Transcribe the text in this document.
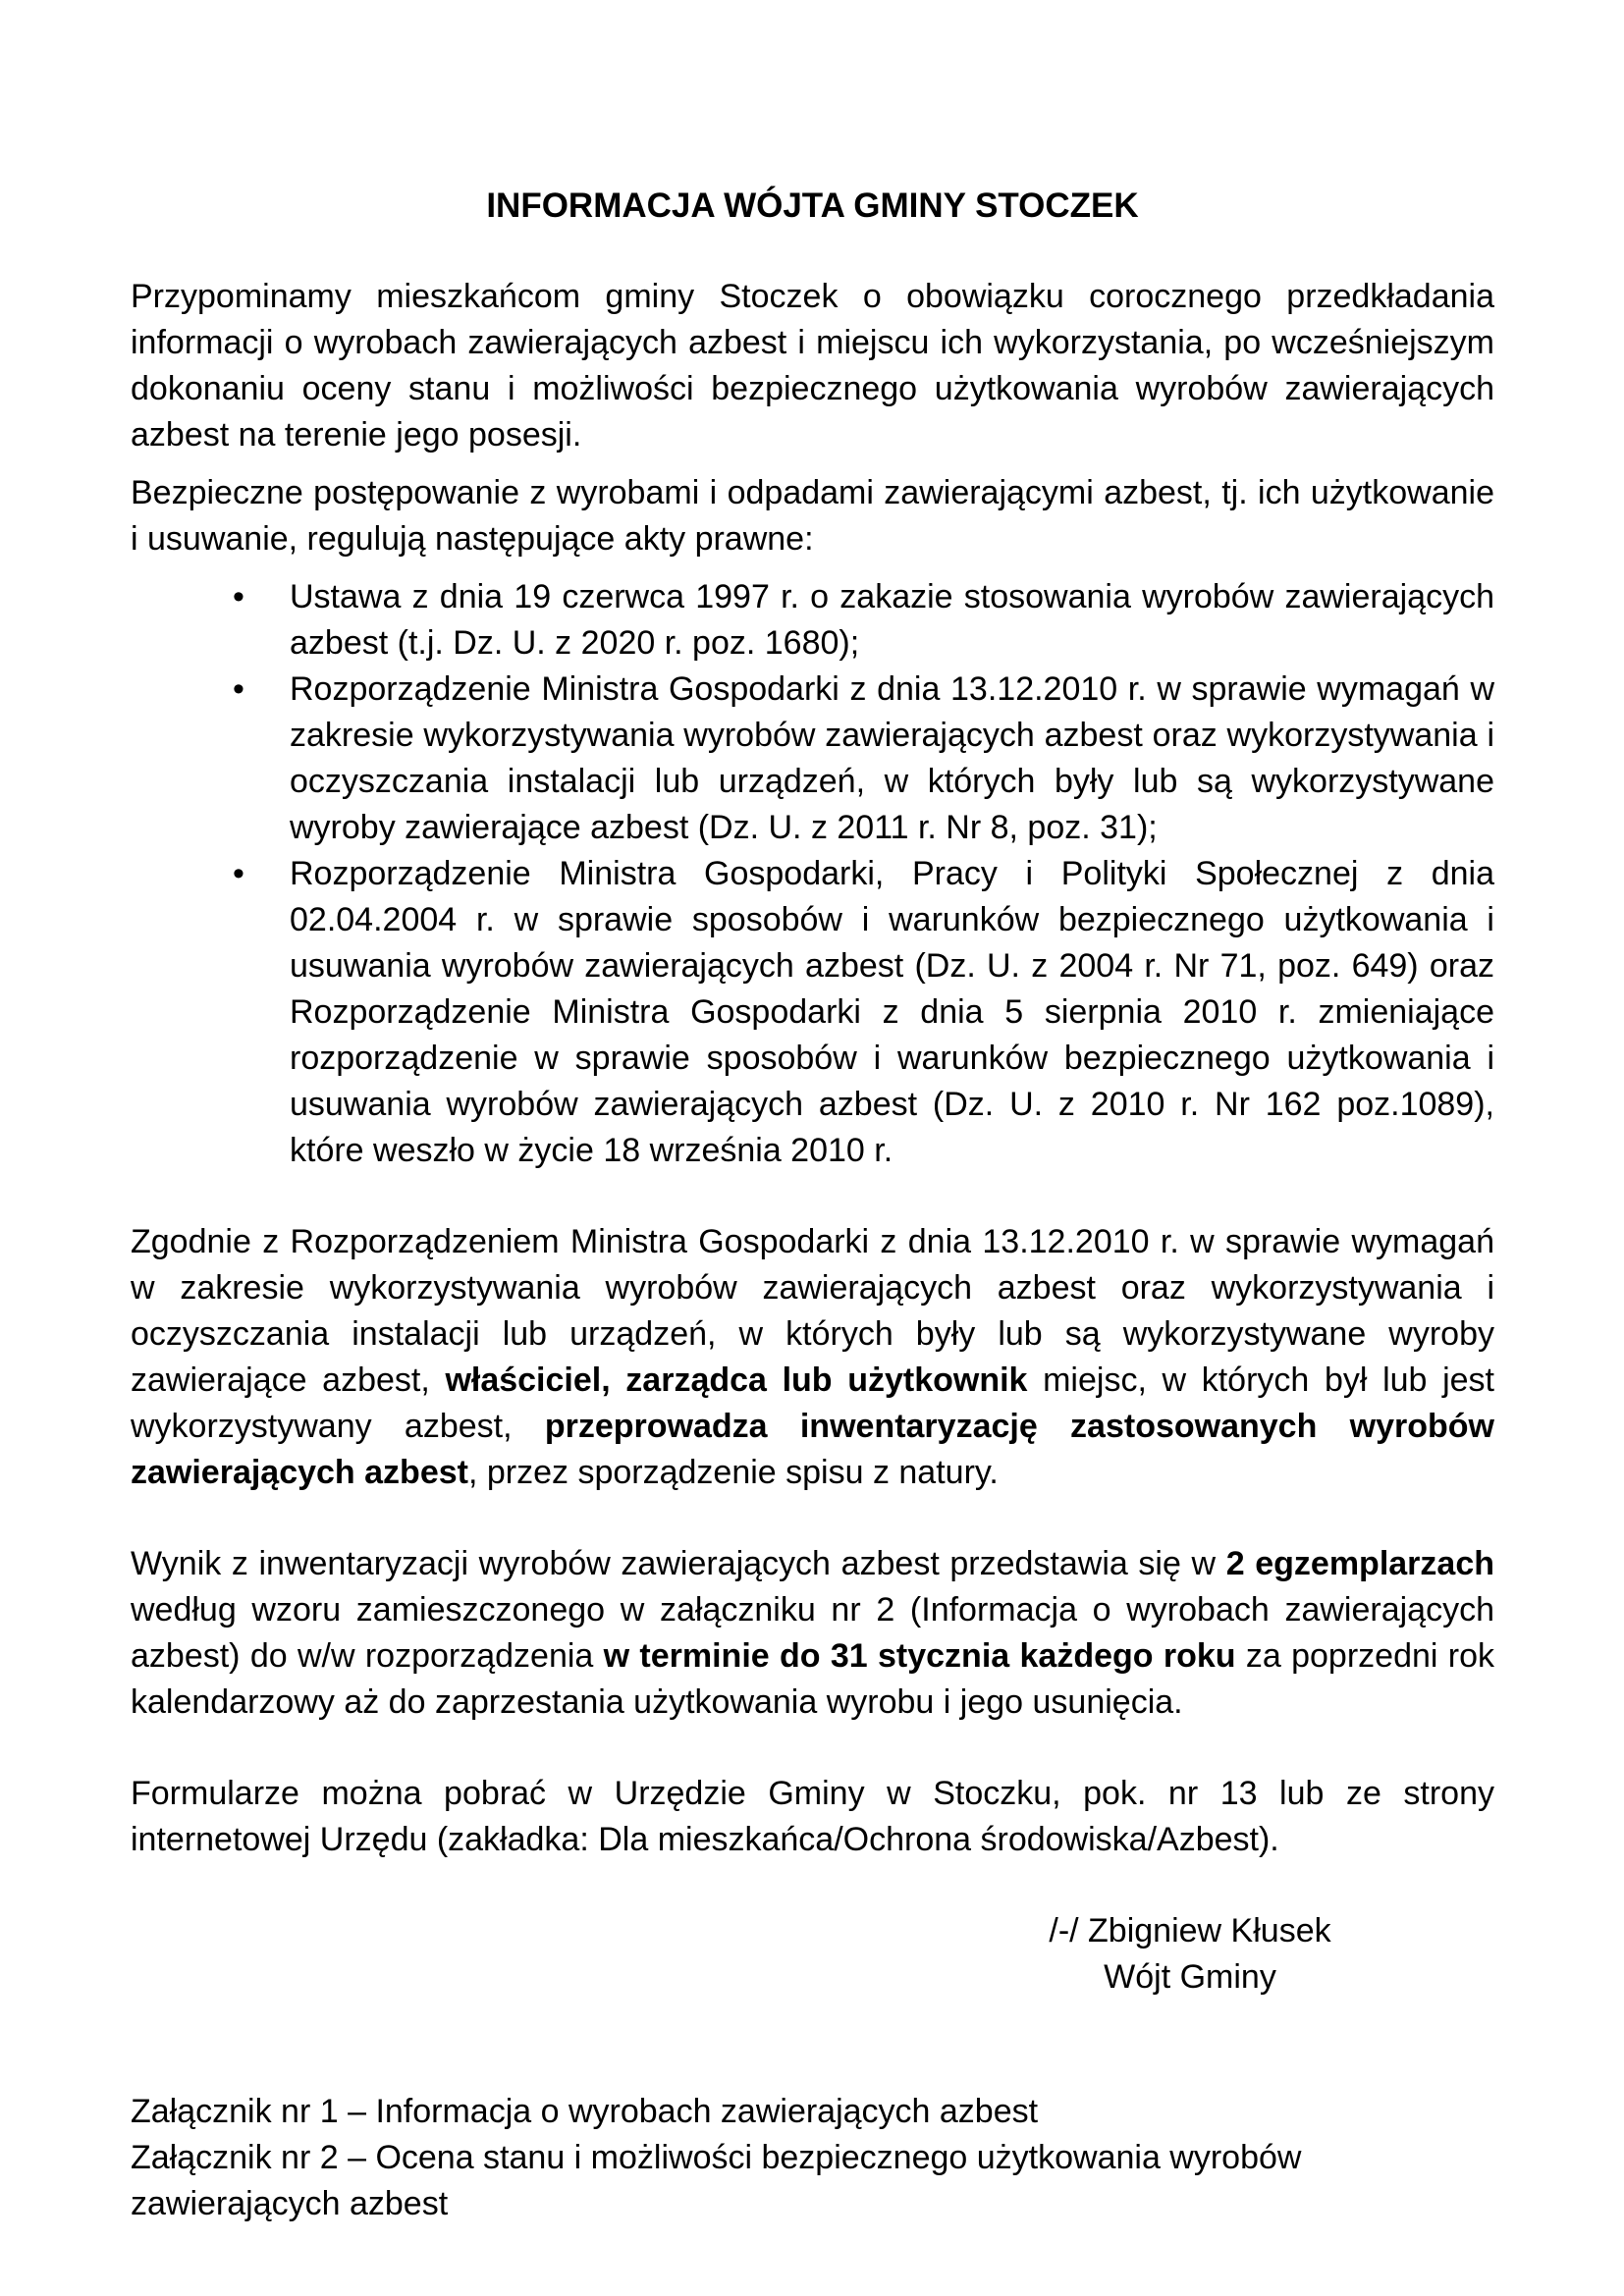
INFORMACJA WÓJTA GMINY STOCZEK

Przypominamy mieszkańcom gminy Stoczek o obowiązku corocznego przedkładania informacji o wyrobach zawierających azbest i miejscu ich wykorzystania, po wcześniejszym dokonaniu oceny stanu i możliwości bezpiecznego użytkowania wyrobów zawierających azbest na terenie jego posesji.

Bezpieczne postępowanie z wyrobami i odpadami zawierającymi azbest, tj. ich użytkowanie i usuwanie, regulują następujące akty prawne:

• Ustawa z dnia 19 czerwca 1997 r. o zakazie stosowania wyrobów zawierających azbest (t.j. Dz. U. z 2020 r. poz. 1680);
• Rozporządzenie Ministra Gospodarki z dnia 13.12.2010 r. w sprawie wymagań w zakresie wykorzystywania wyrobów zawierających azbest oraz wykorzystywania i oczyszczania instalacji lub urządzeń, w których były lub są wykorzystywane wyroby zawierające azbest (Dz. U. z 2011 r. Nr 8, poz. 31);
• Rozporządzenie Ministra Gospodarki, Pracy i Polityki Społecznej z dnia 02.04.2004 r. w sprawie sposobów i warunków bezpiecznego użytkowania i usuwania wyrobów zawierających azbest (Dz. U. z 2004 r. Nr 71, poz. 649) oraz Rozporządzenie Ministra Gospodarki z dnia 5 sierpnia 2010 r. zmieniające rozporządzenie w sprawie sposobów i warunków bezpiecznego użytkowania i usuwania wyrobów zawierających azbest (Dz. U. z 2010 r. Nr 162 poz.1089), które weszło w życie 18 września 2010 r.

Zgodnie z Rozporządzeniem Ministra Gospodarki z dnia 13.12.2010 r. w sprawie wymagań w zakresie wykorzystywania wyrobów zawierających azbest oraz wykorzystywania i oczyszczania instalacji lub urządzeń, w których były lub są wykorzystywane wyroby zawierające azbest, właściciel, zarządca lub użytkownik miejsc, w których był lub jest wykorzystywany azbest, przeprowadza inwentaryzację zastosowanych wyrobów zawierających azbest, przez sporządzenie spisu z natury.

Wynik z inwentaryzacji wyrobów zawierających azbest przedstawia się w 2 egzemplarzach według wzoru zamieszczonego w załączniku nr 2 (Informacja o wyrobach zawierających azbest) do w/w rozporządzenia w terminie do 31 stycznia każdego roku za poprzedni rok kalendarzowy aż do zaprzestania użytkowania wyrobu i jego usunięcia.

Formularze można pobrać w Urzędzie Gminy w Stoczku, pok. nr 13 lub ze strony internetowej Urzędu (zakładka: Dla mieszkańca/Ochrona środowiska/Azbest).

/-/ Zbigniew Kłusek
Wójt Gminy

Załącznik nr 1 – Informacja o wyrobach zawierających azbest

Załącznik nr 2 – Ocena stanu i możliwości bezpiecznego użytkowania wyrobów zawierających azbest
